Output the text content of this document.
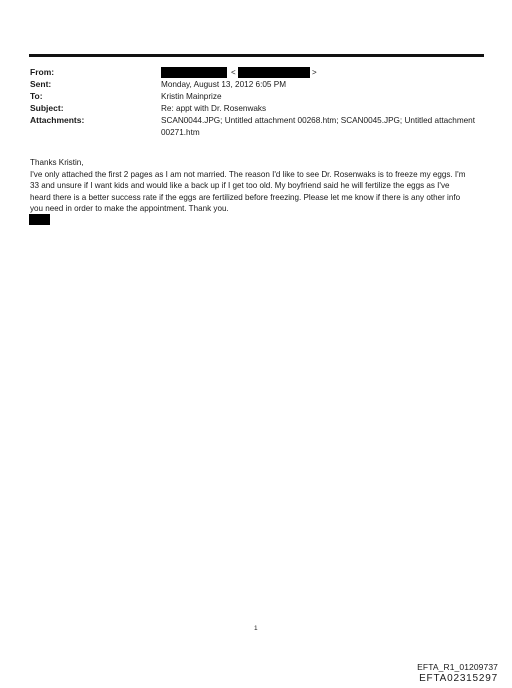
From:
Sent:
To:
Subject:
Attachments:
<	>
Monday, August 13, 2012 6:05 PM
Kristin Mainprize
Re: appt with Dr. Rosenwaks
SCAN0044.JPG; Untitled attachment 00268.htm; SCAN0045.JPG; Untitled attachment
00271.htm

Thanks Kristin,

I've only attached the first 2 pages as I am not married. The reason I'd like to see Dr. Rosenwaks is to freeze my eggs. I'm

33 and unsure if I want kids and would like a back up if I get too old. My boyfriend said he will fertilize the eggs as I've

heard there is a better success rate if the eggs are fertilized before freezing. Please let me know if there is any other info

you need in order to make the appointment. Thank you.

1
EFTA_R1_01209737
EFTA02315297
